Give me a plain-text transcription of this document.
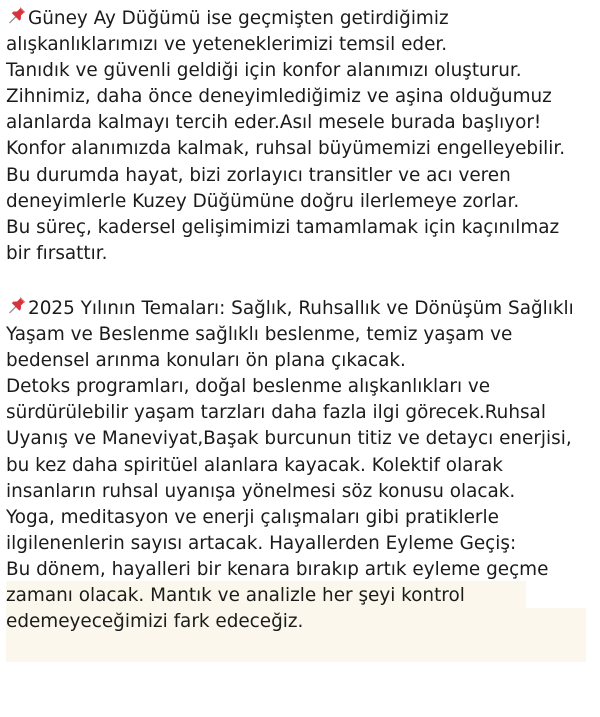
Güney Ay Düğümü ise geçmişten getirdiğimiz
alışkanlıklarımızı ve yeteneklerimizi temsil eder.
Tanıdık ve güvenli geldiği için konfor alanımızı oluşturur.
Zihnimiz, daha önce deneyimlediğimiz ve aşina olduğumuz
alanlarda kalmayı tercih eder.Asıl mesele burada başlıyor!
Konfor alanımızda kalmak, ruhsal büyümemizi engelleyebilir.
Bu durumda hayat, bizi zorlayıcı transitler ve acı veren
deneyimlerle Kuzey Düğümüne doğru ilerlemeye zorlar.
Bu süreç, kadersel gelişimimizi tamamlamak için kaçınılmaz
bir fırsattır.
2025 Yılının Temaları: Sağlık, Ruhsallık ve Dönüşüm Sağlıklı
Yaşam ve Beslenme sağlıklı beslenme, temiz yaşam ve
bedensel arınma konuları ön plana çıkacak.
Detoks programları, doğal beslenme alışkanlıkları ve
sürdürülebilir yaşam tarzları daha fazla ilgi görecek.Ruhsal
Uyanış ve Maneviyat,Başak burcunun titiz ve detaycı enerjisi,
bu kez daha spiritüel alanlara kayacak. Kolektif olarak
insanların ruhsal uyanışa yönelmesi söz konusu olacak.
Yoga, meditasyon ve enerji çalışmaları gibi pratiklerle
ilgilenenlerin sayısı artacak. Hayallerden Eyleme Geçiş:
Bu dönem, hayalleri bir kenara bırakıp artık eyleme geçme
zamanı olacak. Mantık ve analizle her şeyi kontrol
edemeyeceğimizi fark edeceğiz.
